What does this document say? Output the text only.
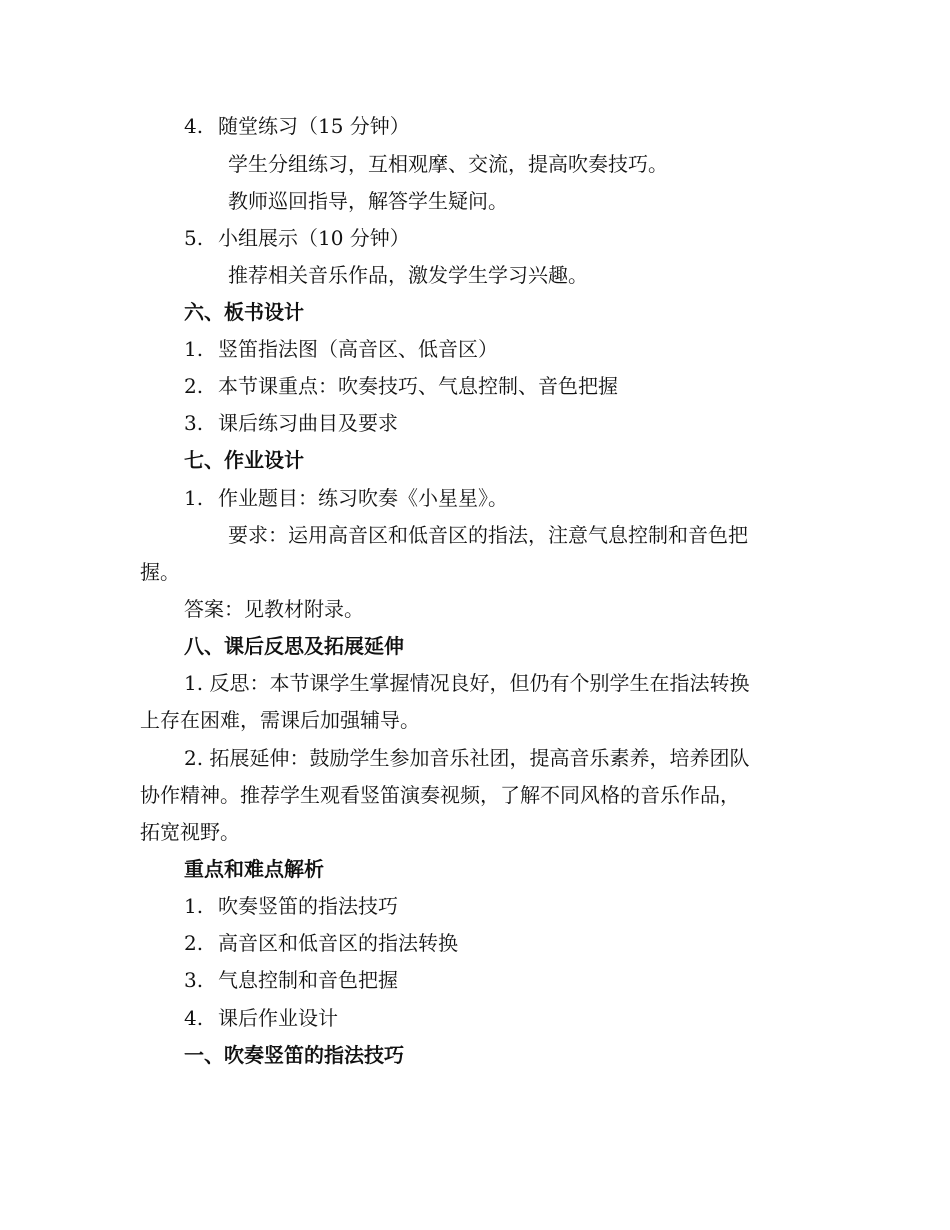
4. 随堂练习（15 分钟）
学生分组练习，互相观摩、交流，提高吹奏技巧。
教师巡回指导，解答学生疑问。
5. 小组展示（10 分钟）
推荐相关音乐作品，激发学生学习兴趣。
六、板书设计
1. 竖笛指法图（高音区、低音区）
2. 本节课重点：吹奏技巧、气息控制、音色把握
3. 课后练习曲目及要求
七、作业设计
1. 作业题目：练习吹奏《小星星》。
要求：运用高音区和低音区的指法，注意气息控制和音色把
握。
答案：见教材附录。
八、课后反思及拓展延伸
1. 反思：本节课学生掌握情况良好，但仍有个别学生在指法转换
上存在困难，需课后加强辅导。
2. 拓展延伸：鼓励学生参加音乐社团，提高音乐素养，培养团队
协作精神。推荐学生观看竖笛演奏视频，了解不同风格的音乐作品，
拓宽视野。
重点和难点解析
1. 吹奏竖笛的指法技巧
2. 高音区和低音区的指法转换
3. 气息控制和音色把握
4. 课后作业设计
一、吹奏竖笛的指法技巧
